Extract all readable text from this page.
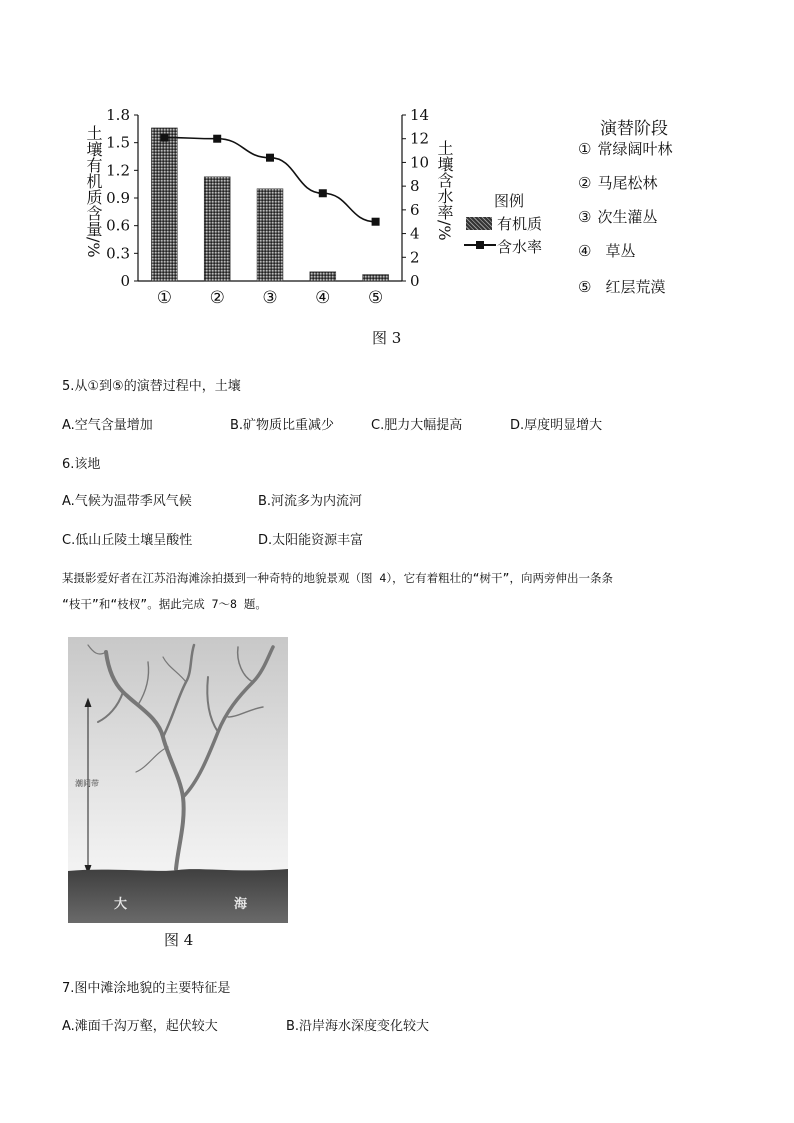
0
0.3
0.6
0.9
1.2
1.5
1.8
0
2
4
6
8
10
12
14
① ② ③ ④ ⑤
土壤有机质含量/%	土壤含水率/%	图例
有机质
含水率
演替阶段
① 常绿阔叶林
② 马尾松林
③ 次生灌丛
④ 草丛
⑤ 红层荒漠
图 3
5.从①到⑤的演替过程中，土壤
A.空气含量增加	B.矿物质比重减少	C.肥力大幅提高	D.厚度明显增大
6.该地
A.气候为温带季风气候	B.河流多为内流河
C.低山丘陵土壤呈酸性	D.太阳能资源丰富
某摄影爱好者在江苏沿海滩涂拍摄到一种奇特的地貌景观（图 4），它有着粗壮的“树干”，向两旁伸出一条条
“枝干”和“枝杈”。据此完成 7～8 题。
潮间带
大	海
图 4
7.图中滩涂地貌的主要特征是
A.滩面千沟万壑，起伏较大	B.沿岸海水深度变化较大
